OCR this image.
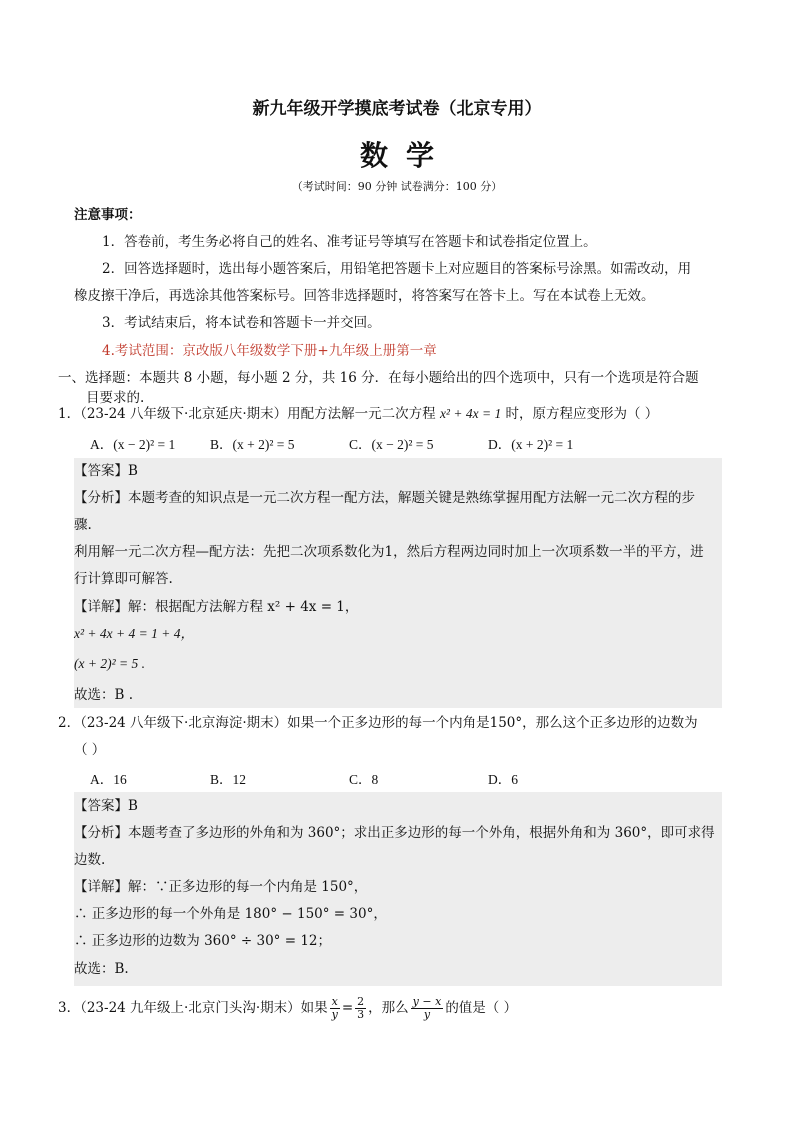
新九年级开学摸底考试卷（北京专用）
数学
（考试时间：90 分钟 试卷满分：100 分）
注意事项：
1．答卷前，考生务必将自己的姓名、准考证号等填写在答题卡和试卷指定位置上。
2．回答选择题时，选出每小题答案后，用铅笔把答题卡上对应题目的答案标号涂黑。如需改动，用
橡皮擦干净后，再选涂其他答案标号。回答非选择题时，将答案写在答卡上。写在本试卷上无效。
3．考试结束后，将本试卷和答题卡一并交回。
4.考试范围：京改版八年级数学下册+九年级上册第一章
一、选择题：本题共 8 小题，每小题 2 分，共 16 分．在每小题给出的四个选项中，只有一个选项是符合题
目要求的.
1．（23-24 八年级下·北京延庆·期末）用配方法解一元二次方程 x² + 4x = 1 时，原方程应变形为（ ）
A．(x − 2)² = 1	B．(x + 2)² = 5	C．(x − 2)² = 5	D．(x + 2)² = 1
【答案】B
【分析】本题考查的知识点是一元二次方程一配方法，解题关键是熟练掌握用配方法解一元二次方程的步
骤.
利用解一元二次方程—配方法：先把二次项系数化为1，然后方程两边同时加上一次项系数一半的平方，进
行计算即可解答.
【详解】解：根据配方法解方程 x² + 4x = 1，
x² + 4x + 4 = 1 + 4，
(x + 2)² = 5 .
故选：B .
2．（23-24 八年级下·北京海淀·期末）如果一个正多边形的每一个内角是150°，那么这个正多边形的边数为
（ ）
A．16	B．12	C．8	D．6
【答案】B
【分析】本题考查了多边形的外角和为 360°；求出正多边形的每一个外角，根据外角和为 360°，即可求得
边数.
【详解】解：∵正多边形的每一个内角是 150°，
∴ 正多边形的每一个外角是 180° − 150° = 30°，
∴ 正多边形的边数为 360° ÷ 30° = 12；
故选：B.
3．（23-24 九年级上·北京门头沟·期末）如果 $\frac{x}{y} = \frac{2}{3}$ ，那么 $\frac{y - x}{y}$ 的值是（ ）
